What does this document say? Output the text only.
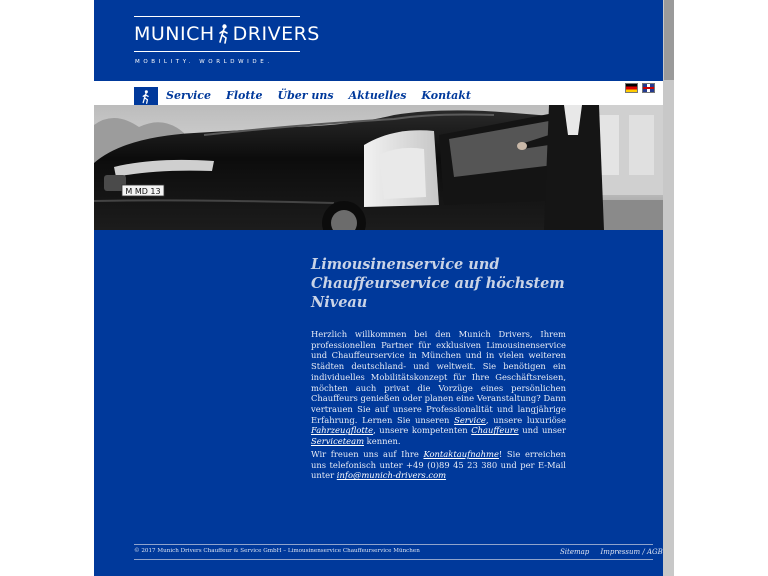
MUNICH DRIVERS
MOBILITY. WORLDWIDE.
Service Flotte Über uns Aktuelles Kontakt
M MD 13
Limousinenservice und Chauffeurservice auf höchstem Niveau

Herzlich willkommen bei den Munich Drivers, Ihrem professionellen Partner für exklusiven Limousinenservice und Chauffeurservice in München und in vielen weiteren Städten deutschland- und weltweit. Sie benötigen ein individuelles Mobilitätskonzept für Ihre Geschäftsreisen, möchten auch privat die Vorzüge eines persönlichen Chauffeurs genießen oder planen eine Veranstaltung? Dann vertrauen Sie auf unsere Professionalität und langjährige Erfahrung. Lernen Sie unseren Service, unsere luxuriöse Fahrzeugflotte, unsere kompetenten Chauffeure und unser Serviceteam kennen.

Wir freuen uns auf Ihre Kontaktaufnahme! Sie erreichen uns telefonisch unter +49 (0)89 45 23 380 und per E-Mail unter info@munich-drivers.com

© 2017 Munich Drivers Chauffeur & Service GmbH – Limousinenservice Chauffeurservice München	Sitemap Impressum / AGB
